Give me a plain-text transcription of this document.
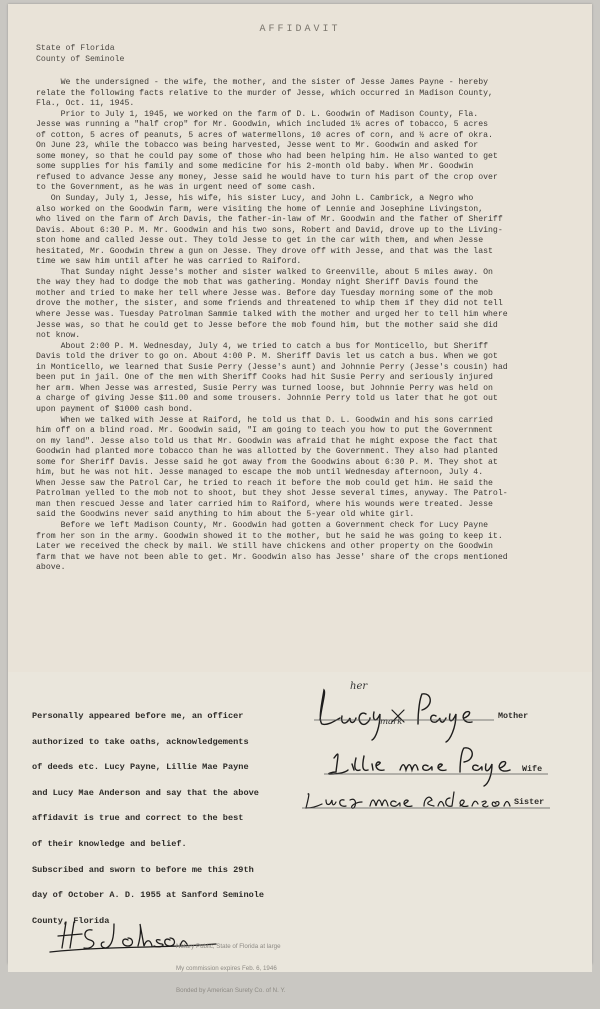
AFFIDAVIT
State of Florida
County of Seminole
We the undersigned - the wife, the mother, and the sister of Jesse James Payne - hereby
relate the following facts relative to the murder of Jesse, which occurred in Madison County,
Fla., Oct. 11, 1945.
Prior to July 1, 1945, we worked on the farm of D. L. Goodwin of Madison County, Fla.
Jesse was running a "half crop" for Mr. Goodwin, which included 1½ acres of tobacco, 5 acres
of cotton, 5 acres of peanuts, 5 acres of watermellons, 10 acres of corn, and ½ acre of okra.
On June 23, while the tobacco was being harvested, Jesse went to Mr. Goodwin and asked for
some money, so that he could pay some of those who had been helping him. He also wanted to get
some supplies for his family and some medicine for his 2-month old baby. When Mr. Goodwin
refused to advance Jesse any money, Jesse said he would have to turn his part of the crop over
to the Government, as he was in urgent need of some cash.
On Sunday, July 1, Jesse, his wife, his sister Lucy, and John L. Cambrick, a Negro who
also worked on the Goodwin farm, were visiting the home of Lennie and Josephine Livingston,
who lived on the farm of Arch Davis, the father-in-law of Mr. Goodwin and the father of Sheriff
Davis. About 6:30 P. M. Mr. Goodwin and his two sons, Robert and David, drove up to the Living-
ston home and called Jesse out. They told Jesse to get in the car with them, and when Jesse
hesitated, Mr. Goodwin threw a gun on Jesse. They drove off with Jesse, and that was the last
time we saw him until after he was carried to Raiford.
That Sunday night Jesse's mother and sister walked to Greenville, about 5 miles away. On
the way they had to dodge the mob that was gathering. Monday night Sheriff Davis found the
mother and tried to make her tell where Jesse was. Before day Tuesday morning some of the mob
drove the mother, the sister, and some friends and threatened to whip them if they did not tell
where Jesse was. Tuesday Patrolman Sammie talked with the mother and urged her to tell him where
Jesse was, so that he could get to Jesse before the mob found him, but the mother said she did
not know.
About 2:00 P. M. Wednesday, July 4, we tried to catch a bus for Monticello, but Sheriff
Davis told the driver to go on. About 4:00 P. M. Sheriff Davis let us catch a bus. When we got
in Monticello, we learned that Susie Perry (Jesse's aunt) and Johnnie Perry (Jesse's cousin) had
been put in jail. One of the men with Sheriff Cooks had hit Susie Perry and seriously injured
her arm. When Jesse was arrested, Susie Perry was turned loose, but Johnnie Perry was held on
a charge of giving Jesse $11.00 and some trousers. Johnnie Perry told us later that he got out
upon payment of $1000 cash bond.
When we talked with Jesse at Raiford, he told us that D. L. Goodwin and his sons carried
him off on a blind road. Mr. Goodwin said, "I am going to teach you how to put the Government
on my land". Jesse also told us that Mr. Goodwin was afraid that he might expose the fact that
Goodwin had planted more tobacco than he was allotted by the Government. They also had planted
some for Sheriff Davis. Jesse said he got away from the Goodwins about 6:30 P. M. They shot at
him, but he was not hit. Jesse managed to escape the mob until Wednesday afternoon, July 4.
When Jesse saw the Patrol Car, he tried to reach it before the mob could get him. He said the
Patrolman yelled to the mob not to shoot, but they shot Jesse several times, anyway. The Patrol-
man then rescued Jesse and later carried him to Raiford, where his wounds were treated. Jesse
said the Goodwins never said anything to him about the 5-year old white girl.
Before we left Madison County, Mr. Goodwin had gotten a Government check for Lucy Payne
from her son in the army. Goodwin showed it to the mother, but he said he was going to keep it.
Later we received the check by mail. We still have chickens and other property on the Goodwin
farm that we have not been able to get. Mr. Goodwin also has Jesse' share of the crops mentioned
above.
Personally appeared before me, an officer
authorized to take oaths, acknowledgements
of deeds etc. Lucy Payne, Lillie Mae Payne
and Lucy Mae Anderson and say that the above
affidavit is true and correct to the best
of their knowledge and belief.
Subscribed and sworn to before me this 29th
day of October A. D. 1955 at Sanford Seminole
County, Florida
her
mark
Mother
Wife
Sister

Notary Public, State of Florida at large

My commission expires Feb. 6, 1946

Bonded by American Surety Co. of N. Y.
